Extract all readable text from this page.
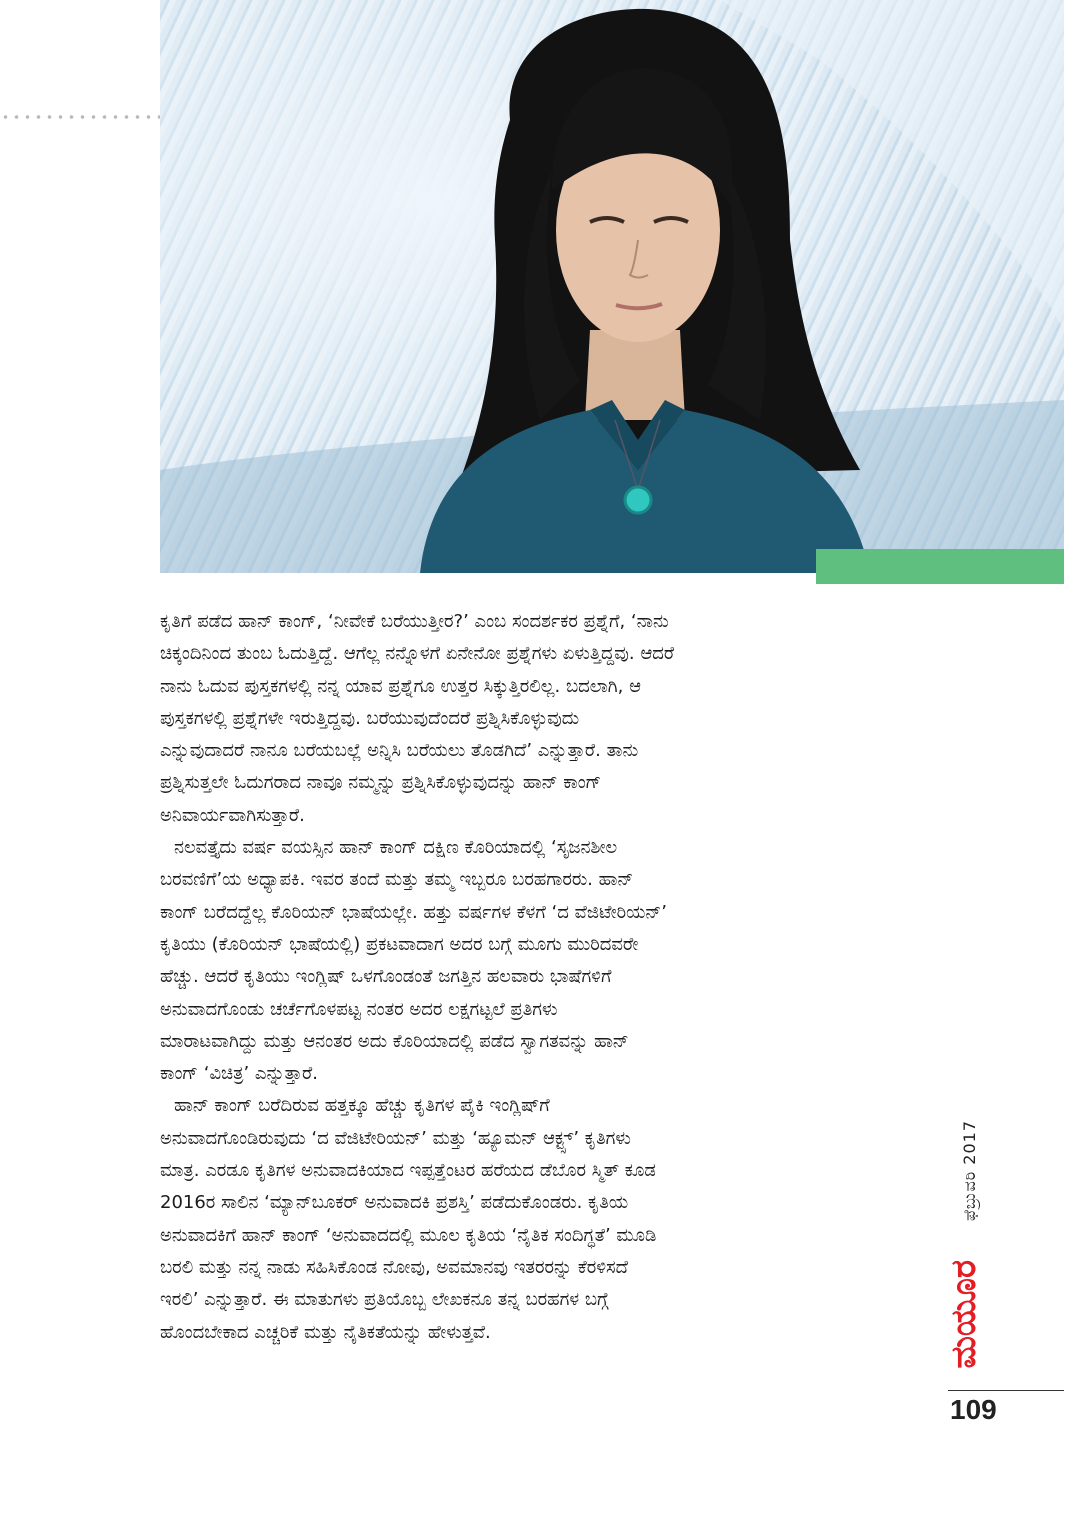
ಕೃತಿಗೆ ಪಡೆದ ಹಾನ್ ಕಾಂಗ್, ‘ನೀವೇಕೆ ಬರೆಯುತ್ತೀರ?’ ಎಂಬ ಸಂದರ್ಶಕರ ಪ್ರಶ್ನೆಗೆ, ‘ನಾನು
ಚಿಕ್ಕಂದಿನಿಂದ ತುಂಬ ಓದುತ್ತಿದ್ದೆ. ಆಗೆಲ್ಲ ನನ್ನೊಳಗೆ ಏನೇನೋ ಪ್ರಶ್ನೆಗಳು ಏಳುತ್ತಿದ್ದವು. ಆದರೆ
ನಾನು ಓದುವ ಪುಸ್ತಕಗಳಲ್ಲಿ ನನ್ನ ಯಾವ ಪ್ರಶ್ನೆಗೂ ಉತ್ತರ ಸಿಕ್ಕುತ್ತಿರಲಿಲ್ಲ. ಬದಲಾಗಿ, ಆ
ಪುಸ್ತಕಗಳಲ್ಲಿ ಪ್ರಶ್ನೆಗಳೇ ಇರುತ್ತಿದ್ದವು. ಬರೆಯುವುದೆಂದರೆ ಪ್ರಶ್ನಿಸಿಕೊಳ್ಳುವುದು
ಎನ್ನುವುದಾದರೆ ನಾನೂ ಬರೆಯಬಲ್ಲೆ ಅನ್ನಿಸಿ ಬರೆಯಲು ತೊಡಗಿದೆ’ ಎನ್ನುತ್ತಾರೆ. ತಾನು
ಪ್ರಶ್ನಿಸುತ್ತಲೇ ಓದುಗರಾದ ನಾವೂ ನಮ್ಮನ್ನು ಪ್ರಶ್ನಿಸಿಕೊಳ್ಳುವುದನ್ನು ಹಾನ್ ಕಾಂಗ್
ಅನಿವಾರ್ಯವಾಗಿಸುತ್ತಾರೆ.
ನಲವತ್ತೈದು ವರ್ಷ ವಯಸ್ಸಿನ ಹಾನ್ ಕಾಂಗ್ ದಕ್ಷಿಣ ಕೊರಿಯಾದಲ್ಲಿ ‘ಸೃಜನಶೀಲ
ಬರವಣಿಗೆ’ಯ ಅಧ್ಯಾಪಕಿ. ಇವರ ತಂದೆ ಮತ್ತು ತಮ್ಮ ಇಬ್ಬರೂ ಬರಹಗಾರರು. ಹಾನ್
ಕಾಂಗ್ ಬರೆದದ್ದೆಲ್ಲ ಕೊರಿಯನ್ ಭಾಷೆಯಲ್ಲೇ. ಹತ್ತು ವರ್ಷಗಳ ಕೆಳಗೆ ‘ದ ವೆಜಿಟೇರಿಯನ್’
ಕೃತಿಯು (ಕೊರಿಯನ್ ಭಾಷೆಯಲ್ಲಿ) ಪ್ರಕಟವಾದಾಗ ಅದರ ಬಗ್ಗೆ ಮೂಗು ಮುರಿದವರೇ
ಹೆಚ್ಚು. ಆದರೆ ಕೃತಿಯು ಇಂಗ್ಲಿಷ್ ಒಳಗೊಂಡಂತೆ ಜಗತ್ತಿನ ಹಲವಾರು ಭಾಷೆಗಳಿಗೆ
ಅನುವಾದಗೊಂಡು ಚರ್ಚೆಗೊಳಪಟ್ಟ ನಂತರ ಅದರ ಲಕ್ಷಗಟ್ಟಲೆ ಪ್ರತಿಗಳು
ಮಾರಾಟವಾಗಿದ್ದು ಮತ್ತು ಆನಂತರ ಅದು ಕೊರಿಯಾದಲ್ಲಿ ಪಡೆದ ಸ್ವಾಗತವನ್ನು ಹಾನ್
ಕಾಂಗ್ ‘ವಿಚಿತ್ರ’ ಎನ್ನುತ್ತಾರೆ.
ಹಾನ್ ಕಾಂಗ್ ಬರೆದಿರುವ ಹತ್ತಕ್ಕೂ ಹೆಚ್ಚು ಕೃತಿಗಳ ಪೈಕಿ ಇಂಗ್ಲಿಷ್‌ಗೆ
ಅನುವಾದಗೊಂಡಿರುವುದು ‘ದ ವೆಜಿಟೇರಿಯನ್’ ಮತ್ತು ‘ಹ್ಯೂಮನ್ ಆಕ್ಟ್ಸ್’ ಕೃತಿಗಳು
ಮಾತ್ರ. ಎರಡೂ ಕೃತಿಗಳ ಅನುವಾದಕಿಯಾದ ಇಪ್ಪತ್ತೆಂಟರ ಹರೆಯದ ಡೆಬೊರ ಸ್ಮಿತ್ ಕೂಡ
2016ರ ಸಾಲಿನ ‘ಮ್ಯಾನ್‌ಬೂಕರ್ ಅನುವಾದಕಿ ಪ್ರಶಸ್ತಿ’ ಪಡೆದುಕೊಂಡರು. ಕೃತಿಯ
ಅನುವಾದಕಿಗೆ ಹಾನ್ ಕಾಂಗ್ ‘ಅನುವಾದದಲ್ಲಿ ಮೂಲ ಕೃತಿಯ ‘ನೈತಿಕ ಸಂದಿಗ್ಧತೆ’ ಮೂಡಿ
ಬರಲಿ ಮತ್ತು ನನ್ನ ನಾಡು ಸಹಿಸಿಕೊಂಡ ನೋವು, ಅವಮಾನವು ಇತರರನ್ನು ಕೆರಳಿಸದೆ
ಇರಲಿ’ ಎನ್ನುತ್ತಾರೆ. ಈ ಮಾತುಗಳು ಪ್ರತಿಯೊಬ್ಬ ಲೇಖಕನೂ ತನ್ನ ಬರಹಗಳ ಬಗ್ಗೆ
ಹೊಂದಬೇಕಾದ ಎಚ್ಚರಿಕೆ ಮತ್ತು ನೈತಿಕತೆಯನ್ನು ಹೇಳುತ್ತವೆ.
ಫೆಬ್ರುವರಿ 2017
ಮಯೂರ
109
